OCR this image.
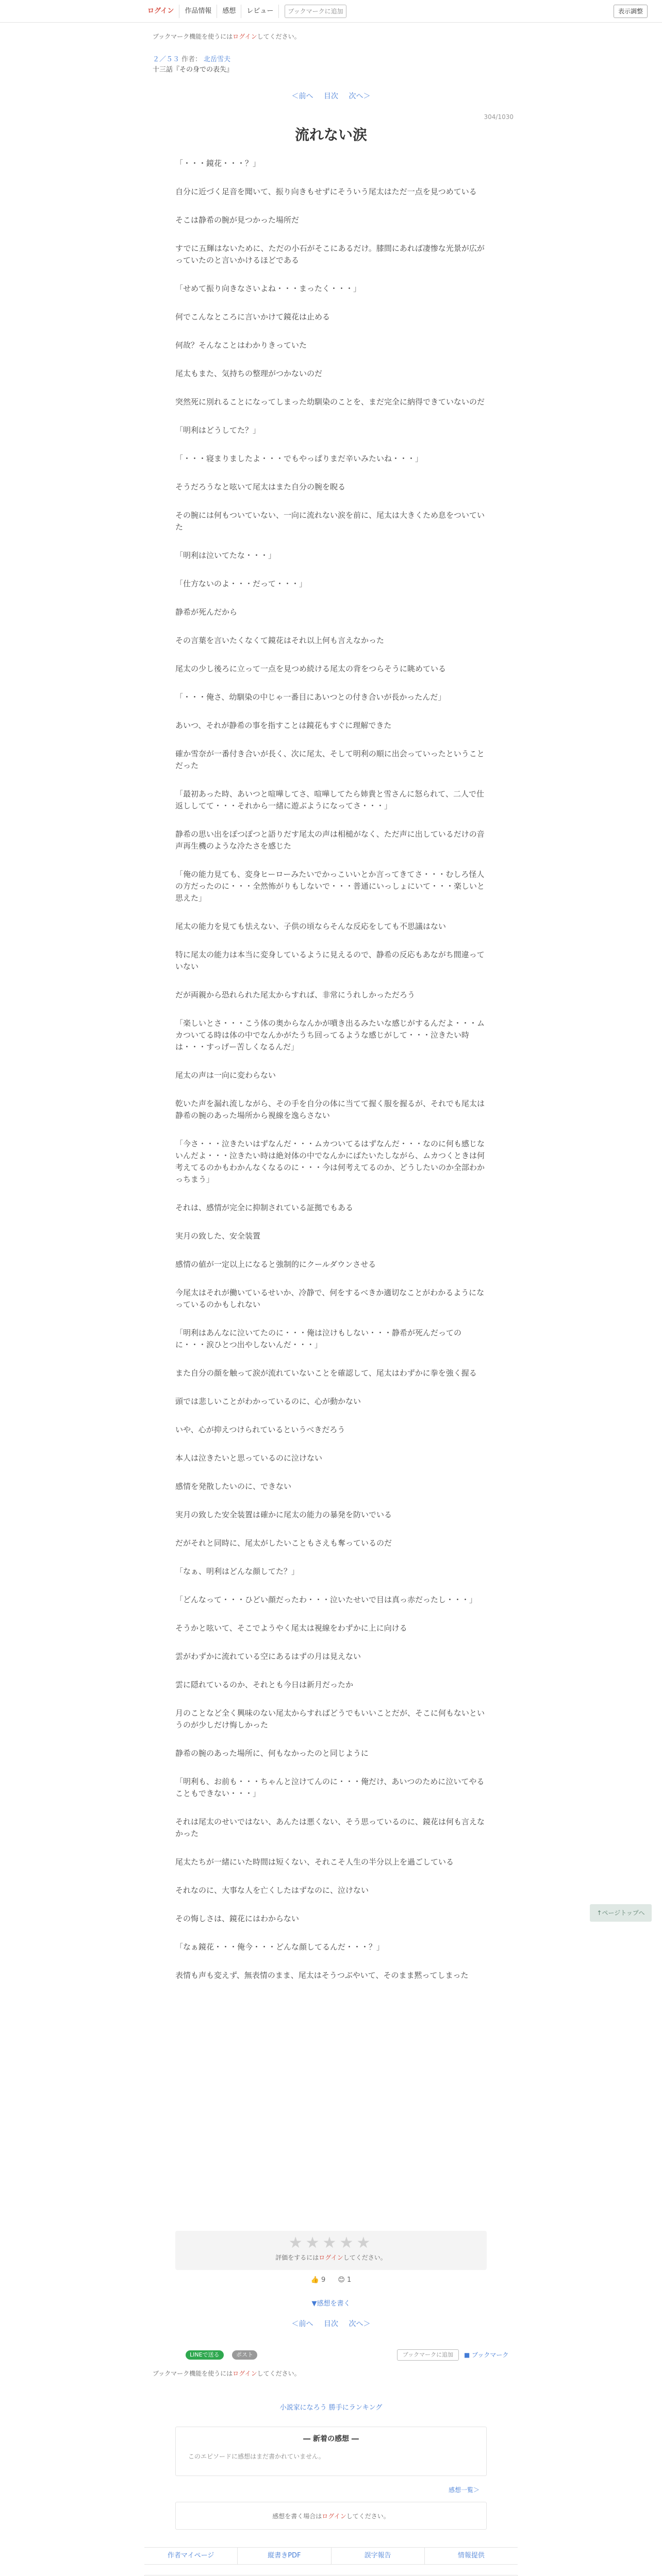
ログイン	作品情報	感想	レビュー	ブックマークに追加	表示調整
ブックマーク機能を使うにはログインしてください。
２／５３ 作者： 北岳雪夫
十三話『その身での表失』
＜前へ 目次 次へ＞
304/1030
流れない涙

「・・・鏡花・・・？」

自分に近づく足音を聞いて、振り向きもせずにそういう尾太はただ一点を見つめている

そこは静希の腕が見つかった場所だ

すでに五輝はないために、ただの小石がそこにあるだけ。膝間にあれば凄惨な光景が広がっていたのと言いかけるほどである

「せめて振り向きなさいよね・・・まったく・・・」

何でこんなところに言いかけて鏡花は止める

何故？そんなことはわかりきっていた

尾太もまた、気持ちの整理がつかないのだ

突然死に別れることになってしまった幼馴染のことを、まだ完全に納得できていないのだ

「明利はどうしてた？」

「・・・寝まりましたよ・・・でもやっぱりまだ辛いみたいね・・・」

そうだろうなと呟いて尾太はまた自分の腕を睨る

その腕には何もついていない、一向に流れない涙を前に、尾太は大きくため息をついていた

「明利は泣いてたな・・・」

「仕方ないのよ・・・だって・・・」

静希が死んだから

その言葉を言いたくなくて鏡花はそれ以上何も言えなかった

尾太の少し後ろに立って一点を見つめ続ける尾太の背をつらそうに眺めている

「・・・俺さ、幼馴染の中じゃ一番目にあいつとの付き合いが長かったんだ」

あいつ、それが静希の事を指すことは鏡花もすぐに理解できた

確か雪奈が一番付き合いが長く、次に尾太、そして明利の順に出会っていったということだった

「最初あった時、あいつと喧嘩してさ、喧嘩してたら姉貴と雪さんに怒られて、二人で仕返ししてて・・・それから一緒に遊ぶようになってさ・・・」

静希の思い出をぽつぽつと語りだす尾太の声は相槌がなく、ただ声に出しているだけの音声再生機のような冷たさを感じた

「俺の能力見ても、変身ヒーローみたいでかっこいいとか言ってきてさ・・・むしろ怪人の方だったのに・・・全然怖がりもしないで・・・普通にいっしょにいて・・・楽しいと思えた」

尾太の能力を見ても怯えない、子供の頃ならそんな反応をしても不思議はない

特に尾太の能力は本当に変身しているように見えるので、静希の反応もあながち間違っていない

だが両親から恐れられた尾太からすれば、非常にうれしかっただろう

「楽しいとさ・・・こう体の奥からなんかが噴き出るみたいな感じがするんだよ・・・ムカついてる時は体の中でなんかがたうち回ってるような感じがして・・・泣きたい時は・・・すっげー苦しくなるんだ」

尾太の声は一向に変わらない

乾いた声を漏れ流しながら、その手を自分の体に当てて握く服を握るが、それでも尾太は静希の腕のあった場所から視線を逸らさない

「今さ・・・泣きたいはずなんだ・・・ムカついてるはずなんだ・・・なのに何も感じないんだよ・・・泣きたい時は絶対体の中でなんかにばたいたしながら、ムカつくときは何考えてるのかもわかんなくなるのに・・・今は何考えてるのか、どうしたいのか全部わかっちまう」

それは、感情が完全に抑制されている証拠でもある

実月の致した、安全装置

感情の値が一定以上になると強制的にクールダウンさせる

今尾太はそれが働いているせいか、冷静で、何をするべきか適切なことがわかるようになっているのかもしれない

「明利はあんなに泣いてたのに・・・俺は泣けもしない・・・静希が死んだってのに・・・涙ひとつ出やしないんだ・・・」

また自分の顔を触って涙が流れていないことを確認して、尾太はわずかに拳を強く握る

頭では悲しいことがわかっているのに、心が動かない

いや、心が抑えつけられているというべきだろう

本人は泣きたいと思っているのに泣けない

感情を発散したいのに、できない

実月の致した安全装置は確かに尾太の能力の暴発を防いでいる

だがそれと同時に、尾太がしたいこともさえも奪っているのだ

「なぁ、明利はどんな顔してた？」

「どんなって・・・ひどい顔だったわ・・・泣いたせいで目は真っ赤だったし・・・」

そうかと呟いて、そこでようやく尾太は視線をわずかに上に向ける

雲がわずかに流れている空にあるはずの月は見えない

雲に隠れているのか、それとも今日は新月だったか

月のことなど全く興味のない尾太からすればどうでもいいことだが、そこに何もないというのが少しだけ悔しかった

静希の腕のあった場所に、何もなかったのと同じように

「明利も、お前も・・・ちゃんと泣けてんのに・・・俺だけ、あいつのために泣いてやることもできない・・・」

それは尾太のせいではない、あんたは悪くない、そう思っているのに、鏡花は何も言えなかった

尾太たちが一緒にいた時間は短くない、それこそ人生の半分以上を過ごしている

それなのに、大事な人を亡くしたはずなのに、泣けない

その悔しさは、鏡花にはわからない

「なぁ鏡花・・・俺今・・・どんな顔してるんだ・・・？」

表情も声も変えず、無表情のまま、尾太はそうつぶやいて、そのまま黙ってしまった

↑ページトップへ
★★★★★
評価をするにはログインしてください。
👍 9 😊 1
▼感想を書く
＜前へ 目次 次へ＞
LINEで送る	ポスト	ブックマークに追加	■ ブックマーク
ブックマーク機能を使うにはログインしてください。
小説家になろう 勝手にランキング
― 新着の感想 ―
このエピソードに感想はまだ書かれていません。
感想一覧＞
感想を書く場合はログインしてください。
作者マイページ	縦書きPDF	誤字報告	情報提供
